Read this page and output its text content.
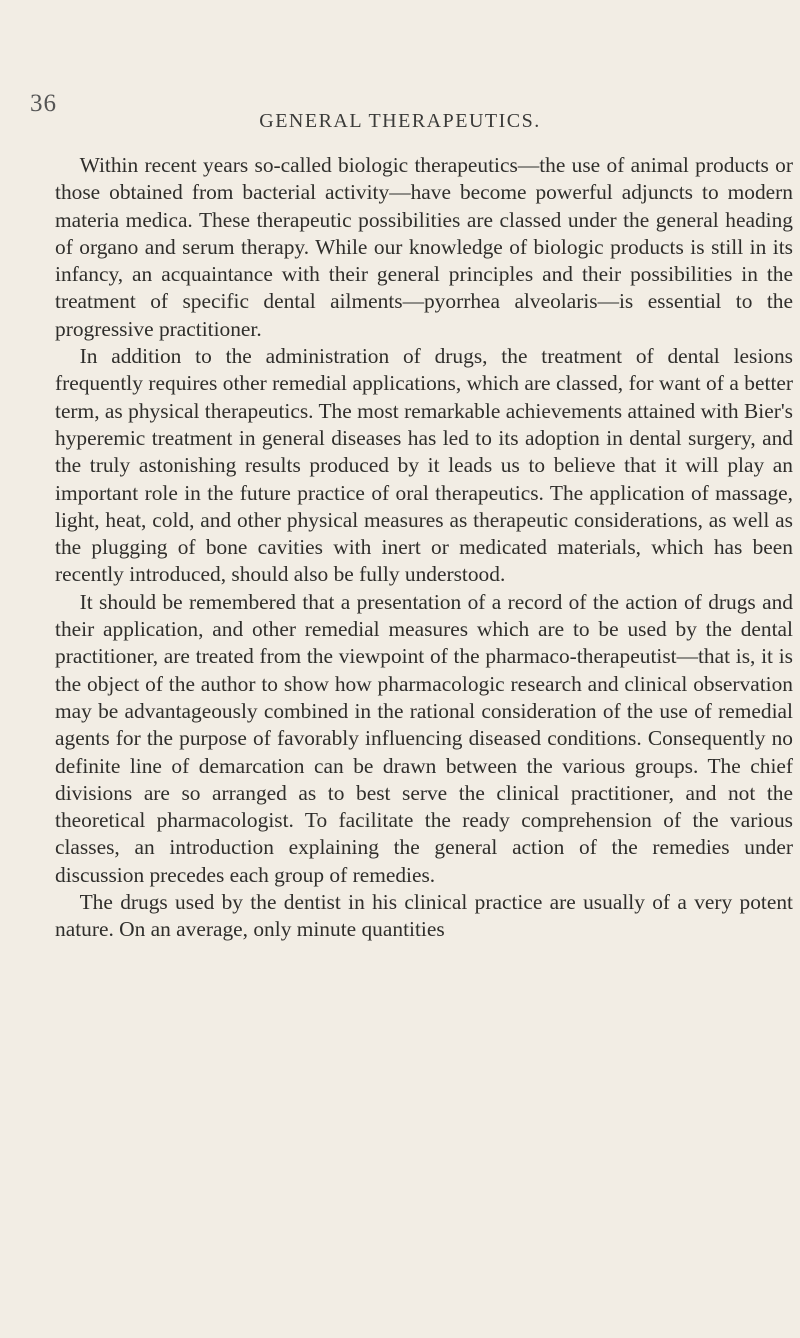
36
GENERAL THERAPEUTICS.

Within recent years so-called biologic therapeutics—the use of animal products or those obtained from bacterial activity—have become powerful adjuncts to modern materia medica. These therapeutic possibilities are classed under the general heading of organo and serum therapy. While our knowledge of biologic products is still in its infancy, an acquaintance with their general principles and their possibilities in the treatment of specific dental ailments—pyorrhea alveolaris—is essential to the progressive practitioner.

In addition to the administration of drugs, the treatment of dental lesions frequently requires other remedial applications, which are classed, for want of a better term, as physical therapeutics. The most remarkable achievements attained with Bier's hyperemic treatment in general diseases has led to its adoption in dental surgery, and the truly astonishing results produced by it leads us to believe that it will play an important role in the future practice of oral therapeutics. The application of massage, light, heat, cold, and other physical measures as therapeutic considerations, as well as the plugging of bone cavities with inert or medicated materials, which has been recently introduced, should also be fully understood.

It should be remembered that a presentation of a record of the action of drugs and their application, and other remedial measures which are to be used by the dental practitioner, are treated from the viewpoint of the pharmaco-therapeutist—that is, it is the object of the author to show how pharmacologic research and clinical observation may be advantageously combined in the rational consideration of the use of remedial agents for the purpose of favorably influencing diseased conditions. Consequently no definite line of demarcation can be drawn between the various groups. The chief divisions are so arranged as to best serve the clinical practitioner, and not the theoretical pharmacologist. To facilitate the ready comprehension of the various classes, an introduction explaining the general action of the remedies under discussion precedes each group of remedies.

The drugs used by the dentist in his clinical practice are usually of a very potent nature. On an average, only minute quantities
